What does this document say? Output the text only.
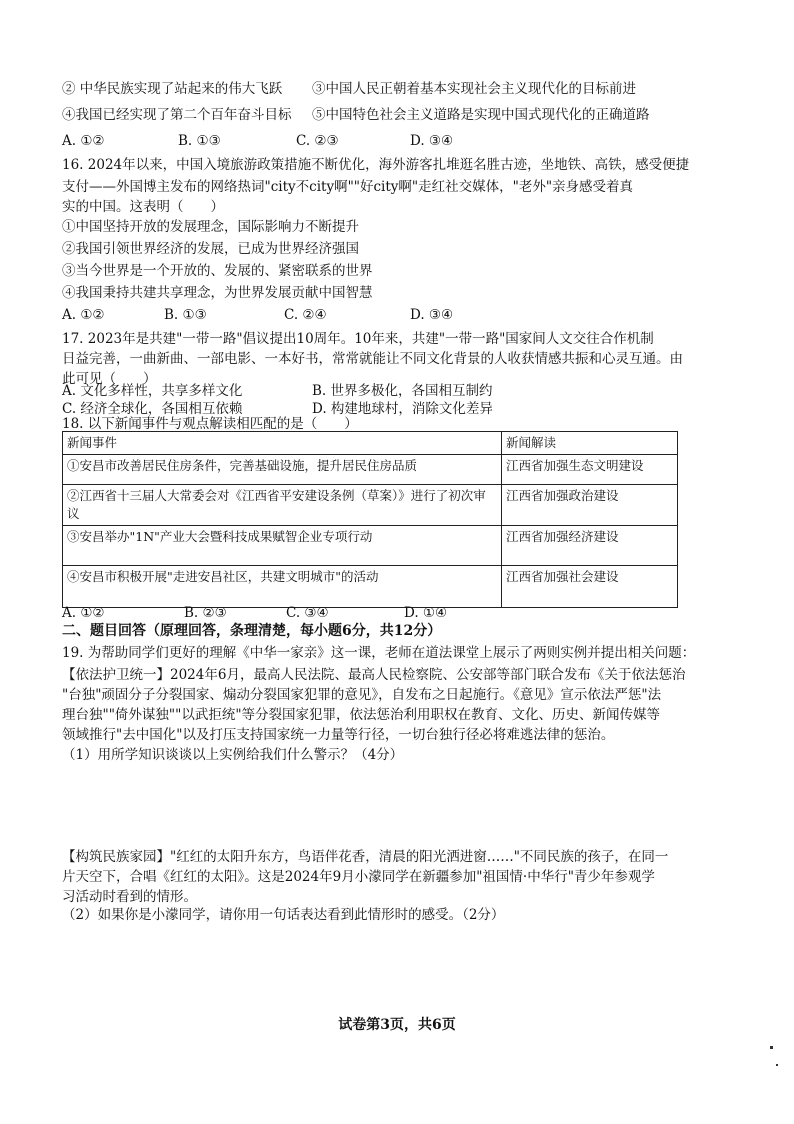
② 中华民族实现了站起来的伟大飞跃 ③中国人民正朝着基本实现社会主义现代化的目标前进
④我国已经实现了第二个百年奋斗目标 ⑤中国特色社会主义道路是实现中国式现代化的正确道路
A. ①②	B. ①③	C. ②③	D. ③④
16. 2024年以来，中国入境旅游政策措施不断优化，海外游客扎堆逛名胜古迹，坐地铁、高铁，感受便捷
支付——外国博主发布的网络热词"city不city啊""好city啊"走红社交媒体，"老外"亲身感受着真
实的中国。这表明（　　）
①中国坚持开放的发展理念，国际影响力不断提升
②我国引领世界经济的发展，已成为世界经济强国
③当今世界是一个开放的、发展的、紧密联系的世界
④我国秉持共建共享理念，为世界发展贡献中国智慧
A. ①②	B. ①③	C. ②④	D. ③④
17. 2023年是共建"一带一路"倡议提出10周年。10年来，共建"一带一路"国家间人文交往合作机制
日益完善，一曲新曲、一部电影、一本好书，常常就能让不同文化背景的人收获情感共振和心灵互通。由
此可见（　　）
A. 文化多样性，共享多样文化	B. 世界多极化，各国相互制约
C. 经济全球化，各国相互依赖	D. 构建地球村，消除文化差异
18. 以下新闻事件与观点解读相匹配的是（　　）
新闻事件	新闻解读
①安昌市改善居民住房条件，完善基础设施，提升居民住房品质	江西省加强生态文明建设
②江西省十三届人大常委会对《江西省平安建设条例（草案）》进行了初次审议	江西省加强政治建设
③安昌举办"1N"产业大会暨科技成果赋智企业专项行动	江西省加强经济建设
④安昌市积极开展"走进安昌社区，共建文明城市"的活动	江西省加强社会建设
A. ①②	B. ②③	C. ③④	D. ①④
二、题目回答（原理回答，条理清楚，每小题6分，共12分）
19. 为帮助同学们更好的理解《中华一家亲》这一课，老师在道法课堂上展示了两则实例并提出相关问题：
【依法护卫统一】2024年6月，最高人民法院、最高人民检察院、公安部等部门联合发布《关于依法惩治
"台独"顽固分子分裂国家、煽动分裂国家犯罪的意见》，自发布之日起施行。《意见》宣示依法严惩"法
理台独""倚外谋独""以武拒统"等分裂国家犯罪，依法惩治利用职权在教育、文化、历史、新闻传媒等
领域推行"去中国化"以及打压支持国家统一力量等行径，一切台独行径必将难逃法律的惩治。
（1）用所学知识谈谈以上实例给我们什么警示？（4分）
【构筑民族家园】"红红的太阳升东方，鸟语伴花香，清晨的阳光洒进窗……"不同民族的孩子，在同一
片天空下，合唱《红红的太阳》。这是2024年9月小濛同学在新疆参加"祖国情·中华行"青少年参观学
习活动时看到的情形。
（2）如果你是小濛同学，请你用一句话表达看到此情形时的感受。（2分）
试卷第3页，共6页
